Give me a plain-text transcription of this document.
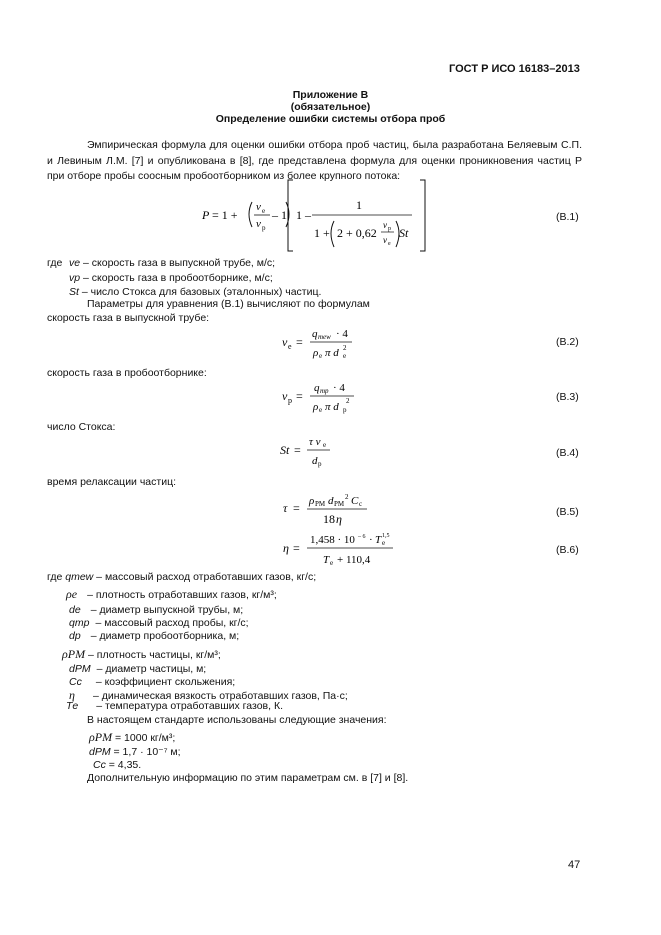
ГОСТ Р ИСО 16183–2013
Приложение В
(обязательное)
Определение ошибки системы отбора проб
Эмпирическая формула для оценки ошибки отбора проб частиц, была разработана Беляевым С.П. и Левиным Л.М. [7] и опубликована в [8], где представлена формула для оценки проникновения частиц P при отборе пробы соосным пробоотборником из более крупного потока:
P = 1 +
v е
v р
– 1 1 –
1
1 + 2 + 0,62
v р
v е
St
(B.1)
где vе – скорость газа в выпускной трубе, м/с;
vр – скорость газа в пробоотборнике, м/с;
St – число Стокса для базовых (эталонных) частиц.
Параметры для уравнения (B.1) вычисляют по формулам
скорость газа в выпускной трубе:
v е =
q mew · 4
ρ е π d е
2	(B.2)
скорость газа в пробоотборнике:
v р =
q mр · 4
ρ е π d р
2	(B.3)
число Стокса:
St =
τ v е
d р
(B.4)
время релаксации частиц:
τ = ρ PM d PM
2 C с
18 η	(B.5)
η =
1,458 · 10 – 6 · T е
1,5
T е + 110,4
(B.6)
где qmew – массовый расход отработавших газов, кг/с;
ρе – плотность отработавших газов, кг/м³;
dе – диаметр выпускной трубы, м;
qmp – массовый расход пробы, кг/с;
dр – диаметр пробоотборника, м;
ρPM – плотность частицы, кг/м³;
dPM – диаметр частицы, м;
Cс – коэффициент скольжения;
η – динамическая вязкость отработавших газов, Па·с;
Tе – температура отработавших газов, К.
В настоящем стандарте использованы следующие значения:
ρPM = 1000 кг/м³;
dPM = 1,7 · 10⁻⁷ м;
Cс = 4,35.
Дополнительную информацию по этим параметрам см. в [7] и [8].
47
